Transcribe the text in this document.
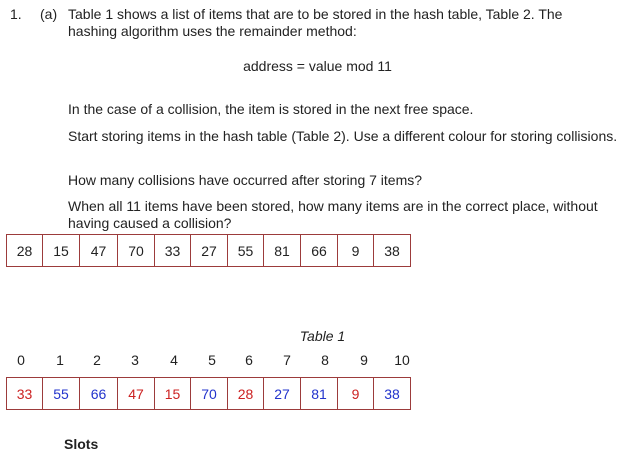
1. (a) Table 1 shows a list of items that are to be stored in the hash table, Table 2. The hashing algorithm uses the remainder method:
address = value mod 11
In the case of a collision, the item is stored in the next free space.
Start storing items in the hash table (Table 2). Use a different colour for storing collisions.
How many collisions have occurred after storing 7 items?
When all 11 items have been stored, how many items are in the correct place, without having caused a collision?
28	15	47	70	33	27	55	81	66	9	38
Table 1
0	1	2	3	4	5	6	7	8	9	10
33	55	66	47	15	70	28	27	81	9	38
Slots
